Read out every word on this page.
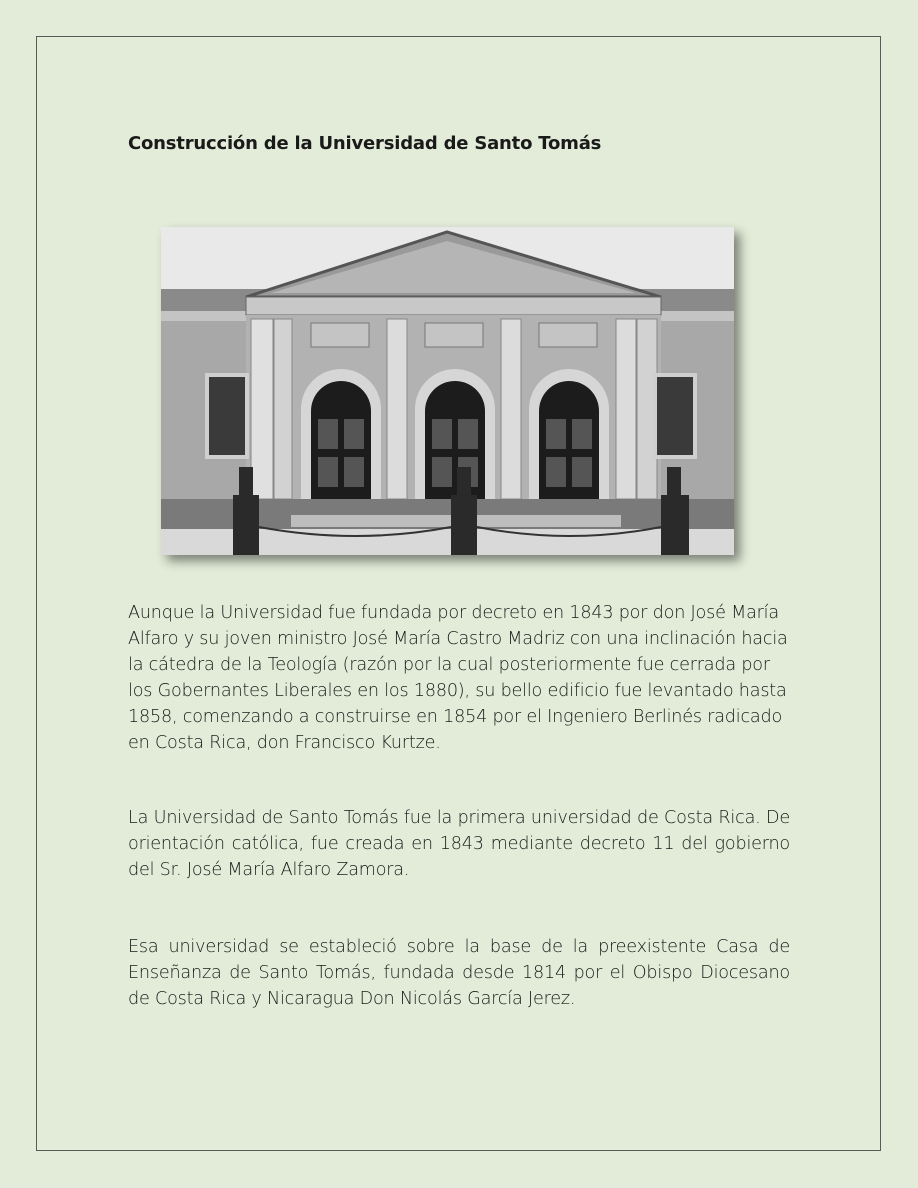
Construcción de la Universidad de Santo Tomás

Aunque la Universidad fue fundada por decreto en 1843 por don José María Alfaro y su joven ministro José María Castro Madriz con una inclinación hacia la cátedra de la Teología (razón por la cual posteriormente fue cerrada por los Gobernantes Liberales en los 1880), su bello edificio fue levantado hasta 1858, comenzando a construirse en 1854 por el Ingeniero Berlinés radicado en Costa Rica, don Francisco Kurtze.

La Universidad de Santo Tomás fue la primera universidad de Costa Rica. De orientación católica, fue creada en 1843 mediante decreto 11 del gobierno del Sr. José María Alfaro Zamora.

Esa universidad se estableció sobre la base de la preexistente Casa de Enseñanza de Santo Tomás, fundada desde 1814 por el Obispo Diocesano de Costa Rica y Nicaragua Don Nicolás García Jerez.
